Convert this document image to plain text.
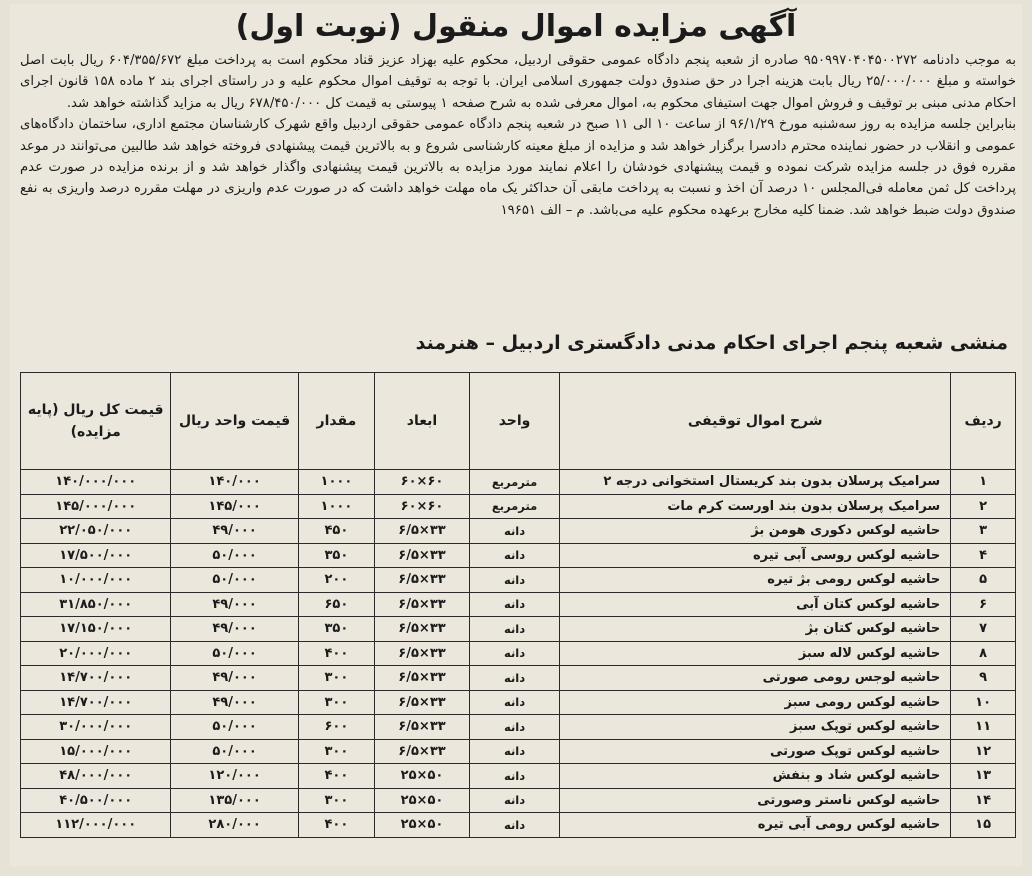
آگهی مزایده اموال منقول (نوبت اول)

به موجب دادنامه ۹۵۰۹۹۷۰۴۰۴۵۰۰۲۷۲ صادره از شعبه پنجم دادگاه عمومی حقوقی اردبیل، محکوم علیه بهزاد عزیز قناد محکوم است به پرداخت مبلغ ۶۰۴/۳۵۵/۶۷۲ ریال بابت اصل خواسته و مبلغ ۲۵/۰۰۰/۰۰۰ ریال بابت هزینه اجرا در حق صندوق دولت جمهوری اسلامی ایران. با توجه به توقیف اموال محکوم علیه و در راستای اجرای بند ۲ ماده ۱۵۸ قانون اجرای احکام مدنی مبنی بر توقیف و فروش اموال جهت استیفای محکوم به، اموال معرفی شده به شرح صفحه ۱ پیوستی به قیمت کل ۶۷۸/۴۵۰/۰۰۰ ریال به مزاید گذاشته خواهد شد.

بنابراین جلسه مزایده به روز سه‌شنبه مورخ ۹۶/۱/۲۹ از ساعت ۱۰ الی ۱۱ صبح در شعبه پنجم دادگاه عمومی حقوقی اردبیل واقع شهرک کارشناسان مجتمع اداری، ساختمان دادگاه‌های عمومی و انقلاب در حضور نماینده محترم دادسرا برگزار خواهد شد و مزایده از مبلغ معینه کارشناسی شروع و به بالاترین قیمت پیشنهادی فروخته خواهد شد طالبین می‌توانند در موعد مقرره فوق در جلسه مزایده شرکت نموده و قیمت پیشنهادی خودشان را اعلام نمایند مورد مزایده به بالاترین قیمت پیشنهادی واگذار خواهد شد و از برنده مزایده در صورت عدم پرداخت کل ثمن معامله فی‌المجلس ۱۰ درصد آن اخذ و نسبت به پرداخت مابقی آن حداکثر یک ماه مهلت خواهد داشت که در صورت عدم واریزی در مهلت مقرره درصد واریزی به نفع صندوق دولت ضبط خواهد شد. ضمنا کلیه مخارج برعهده محکوم علیه می‌باشد. م – الف ۱۹۶۵۱

منشی شعبه پنجم اجرای احکام مدنی دادگستری اردبیل – هنرمند
ردیف	شرح اموال توقیفی	واحد	ابعاد	مقدار	قیمت واحد ریال	قیمت کل ریال (پایه مزایده)
۱	سرامیک پرسلان بدون بند کریستال استخوانی درجه ۲	مترمربع	۶۰×۶۰	۱۰۰۰	۱۴۰/۰۰۰	۱۴۰/۰۰۰/۰۰۰
۲	سرامیک پرسلان بدون بند اورست کرم مات	مترمربع	۶۰×۶۰	۱۰۰۰	۱۴۵/۰۰۰	۱۴۵/۰۰۰/۰۰۰
۳	حاشیه لوکس دکوری هومن بژ	دانه	۳۳×۶/۵	۴۵۰	۴۹/۰۰۰	۲۲/۰۵۰/۰۰۰
۴	حاشیه لوکس روسی آبی تیره	دانه	۳۳×۶/۵	۳۵۰	۵۰/۰۰۰	۱۷/۵۰۰/۰۰۰
۵	حاشیه لوکس رومی بژ تیره	دانه	۳۳×۶/۵	۲۰۰	۵۰/۰۰۰	۱۰/۰۰۰/۰۰۰
۶	حاشیه لوکس کتان آبی	دانه	۳۳×۶/۵	۶۵۰	۴۹/۰۰۰	۳۱/۸۵۰/۰۰۰
۷	حاشیه لوکس کتان بژ	دانه	۳۳×۶/۵	۳۵۰	۴۹/۰۰۰	۱۷/۱۵۰/۰۰۰
۸	حاشیه لوکس لاله سبز	دانه	۳۳×۶/۵	۴۰۰	۵۰/۰۰۰	۲۰/۰۰۰/۰۰۰
۹	حاشیه لوجس رومی صورتی	دانه	۳۳×۶/۵	۳۰۰	۴۹/۰۰۰	۱۴/۷۰۰/۰۰۰
۱۰	حاشیه لوکس رومی سبز	دانه	۳۳×۶/۵	۳۰۰	۴۹/۰۰۰	۱۴/۷۰۰/۰۰۰
۱۱	حاشیه لوکس توپک سبز	دانه	۳۳×۶/۵	۶۰۰	۵۰/۰۰۰	۳۰/۰۰۰/۰۰۰
۱۲	حاشیه لوکس توپک صورتی	دانه	۳۳×۶/۵	۳۰۰	۵۰/۰۰۰	۱۵/۰۰۰/۰۰۰
۱۳	حاشیه لوکس شاد و بنفش	دانه	۵۰×۲۵	۴۰۰	۱۲۰/۰۰۰	۴۸/۰۰۰/۰۰۰
۱۴	حاشیه لوکس ناستر وصورتی	دانه	۵۰×۲۵	۳۰۰	۱۳۵/۰۰۰	۴۰/۵۰۰/۰۰۰
۱۵	حاشیه لوکس رومی آبی تیره	دانه	۵۰×۲۵	۴۰۰	۲۸۰/۰۰۰	۱۱۲/۰۰۰/۰۰۰
